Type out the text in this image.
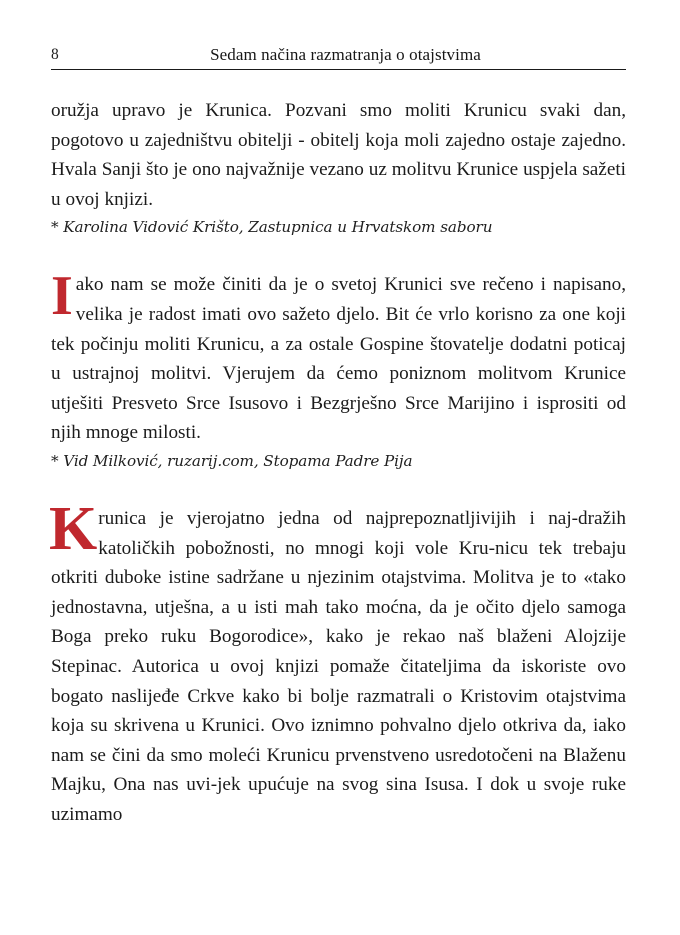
8	Sedam načina razmatranja o otajstvima

oružja upravo je Krunica. Pozvani smo moliti Krunicu svaki dan, pogotovo u zajedništvu obitelji - obitelj koja moli zajedno ostaje zajedno. Hvala Sanji što je ono najvažnije vezano uz molitvu Krunice uspjela sažeti u ovoj knjizi.

* Karolina Vidović Krišto, Zastupnica u Hrvatskom saboru

Iako nam se može činiti da je o svetoj Krunici sve rečeno i napisano, velika je radost imati ovo sažeto djelo. Bit će vrlo korisno za one koji tek počinju moliti Krunicu, a za ostale Gospine štovatelje dodatni poticaj u ustrajnoj molitvi. Vjerujem da ćemo poniznom molitvom Krunice utješiti Presveto Srce Isusovo i Bezgrješno Srce Marijino i isprositi od njih mnoge milosti.

* Vid Milković, ruzarij.com, Stopama Padre Pija

Krunica je vjerojatno jedna od najprepoznatljivijih i naj-dražih katoličkih pobožnosti, no mnogi koji vole Kru-nicu tek trebaju otkriti duboke istine sadržane u njezinim otajstvima. Molitva je to «tako jednostavna, utješna, a u isti mah tako moćna, da je očito djelo samoga Boga preko ruku Bogorodice», kako je rekao naš blaženi Alojzije Stepinac. Autorica u ovoj knjizi pomaže čitateljima da iskoriste ovo bogato naslijeđe Crkve kako bi bolje razmatrali o Kristovim otajstvima koja su skrivena u Krunici. Ovo iznimno pohvalno djelo otkriva da, iako nam se čini da smo moleći Krunicu prvenstveno usredotočeni na Blaženu Majku, Ona nas uvi-jek upućuje na svog sina Isusa. I dok u svoje ruke uzimamo
